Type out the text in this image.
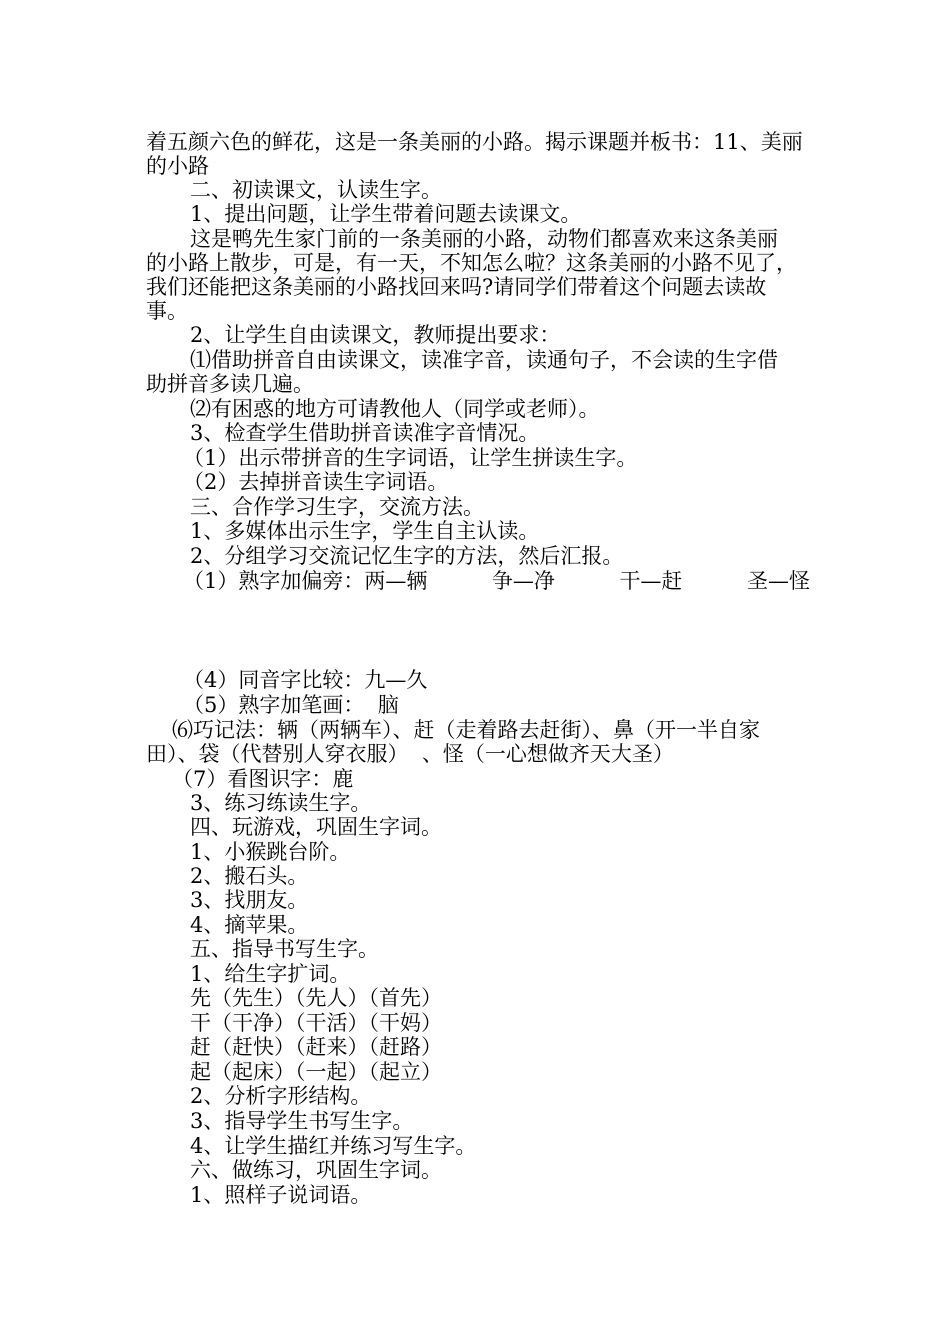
着五颜六色的鲜花，这是一条美丽的小路。揭示课题并板书：11、美丽
的小路
二、初读课文，认读生字。
1、提出问题，让学生带着问题去读课文。
这是鸭先生家门前的一条美丽的小路，动物们都喜欢来这条美丽
的小路上散步，可是，有一天，不知怎么啦？这条美丽的小路不见了，
我们还能把这条美丽的小路找回来吗?请同学们带着这个问题去读故
事。
2、让学生自由读课文，教师提出要求：
⑴借助拼音自由读课文，读准字音，读通句子，不会读的生字借
助拼音多读几遍。
⑵有困惑的地方可请教他人（同学或老师）。
3、检查学生借助拼音读准字音情况。
（1）出示带拼音的生字词语，让学生拼读生字。
（2）去掉拼音读生字词语。
三、合作学习生字，交流方法。
1、多媒体出示生字，学生自主认读。
2、分组学习交流记忆生字的方法，然后汇报。
（1）熟字加偏旁：两—辆	争—净	干—赶	圣—怪

（4）同音字比较：九—久
（5）熟字加笔画：  脑
⑹巧记法：辆（两辆车）、赶（走着路去赶街）、鼻（开一半自家
田）、袋（代替别人穿衣服）  、怪（一心想做齐天大圣）
（7）看图识字：鹿
3、练习练读生字。
四、玩游戏，巩固生字词。
1、小猴跳台阶。
2、搬石头。
3、找朋友。
4、摘苹果。
五、指导书写生字。
1、给生字扩词。
先（先生）（先人）（首先）
干（干净）（干活）（干妈）
赶（赶快）（赶来）（赶路）
起（起床）（一起）（起立）
2、分析字形结构。
3、指导学生书写生字。
4、让学生描红并练习写生字。
六、做练习，巩固生字词。
1、照样子说词语。
